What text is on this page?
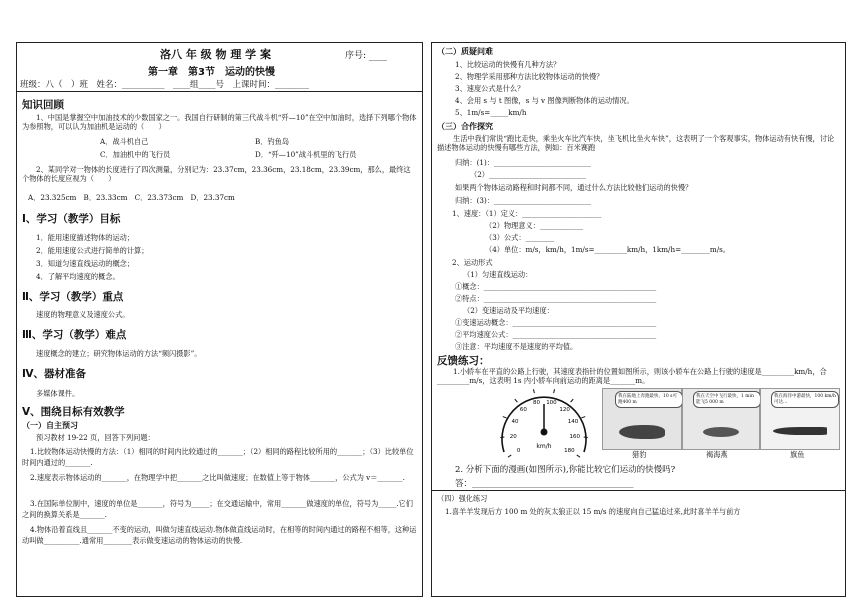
洛八 年 级 物 理 学 案	序号: ____
第一章　第3节　运动的快慢
班级：八（　）班　姓名：__________　____组____号　上课时间：________
知识回顾
1、中国是掌握空中加油技术的少数国家之一。我国自行研制的第三代战斗机“歼—10”在空中加油时，选择下列哪个物体为参照物，可以认为加油机是运动的（　　）
A．战斗机自己	B．钓鱼岛
C．加油机中的飞行员	D．“歼—10”战斗机里的飞行员
2、某同学对一物体的长度进行了四次测量，分别记为：23.37cm，23.36cm，23.18cm，23.39cm，那么，最终这个物体的长度应视为（　　）
A．23.325cm　B．23.33cm　C．23.373cm　D．23.37cm
Ⅰ、学习（教学）目标
1．能用速度描述物体的运动；
2．能用速度公式进行简单的计算；
3．知道匀速直线运动的概念；
4．了解平均速度的概念。
Ⅱ、学习（教学）重点
速度的物理意义及速度公式。
Ⅲ、学习（教学）难点
速度概念的建立；研究物体运动的方法“频闪摄影”。
Ⅳ、器材准备
多媒体课件。
Ⅴ、围绕目标有效教学
（一）自主预习
预习教材 19-22 页，回答下列问题：
1.比较物体运动快慢的方法：（1）相同的时间内比较通过的_______；（2）相同的路程比较所用的_______；（3）比较单位时间内通过的_______.
2.速度表示物体运动的_______，在物理学中把_______之比叫做速度；在数值上等于物体_______，公式为 v＝_______.
3.在国际单位制中，速度的单位是_______，符号为_____；在交通运输中，常用_______做速度的单位，符号为_____.它们之间的换算关系是_______.
4.物体沿着直线且_______不变的运动，叫做匀速直线运动.物体做直线运动时，在相等的时间内通过的路程不相等，这种运动叫做__________.通常用________表示做变速运动的物体运动的快慢.
（二）质疑问难
1、比较运动的快慢有几种方法？
2、物理学采用那种方法比较物体运动的快慢？
3、速度公式是什么？
4、会用 s 与 t 图像，s 与 v 图像判断物体的运动情况。
5、1m/s=_____km/h
（三）合作探究
生活中我们常说“跑比走快，乘坐火车比汽车快，坐飞机比坐火车快”，这表明了一个客观事实，物体运动有快有慢，讨论描述物体运动的快慢有哪些方法，例如：百米赛跑
归纳：(1)：___________________________
（2）___________________________
如果两个物体运动路程和时间都不同，通过什么方法比较他们运动的快慢？
归纳：(3)：___________________________
1、速度：（1）定义：______________________
（2）物理意义：____________
（3）公式：________
（4）单位：m/s，km/h，1m/s=_________km/h，1km/h=________m/s。
2、运动形式
（1）匀速直线运动：
①概念：________________________________________________
②特点：________________________________________________
（2）变速运动及平均速度：
①变速运动概念：________________________________________
②平均速度公式：________________________________________
③注意：平均速度不是速度的平均值。
反馈练习：
1.小轿车在平直的公路上行驶，其速度表指针的位置如图所示，则该小轿车在公路上行驶的速度是_________km/h，合_________m/s，这表明 1s 内小轿车向前运动的距离是_______m。
0
20
40
60
80 100
120
140
160
180
km/h
我在陆地上奔跑最快，10 s可跑400 m
我在天空中飞行最快，1 min能飞5 000 m
我在海洋中游最快，100 km/h可达…
猎豹	褐海燕	旗鱼
2. 分析下面的漫画(如图所示),你能比较它们运动的快慢吗?
答：______________________________________
（四）强化练习
1.喜羊羊发现后方 100 m 处的灰太狼正以 15 m/s 的速度向自己猛追过来,此时喜羊羊与前方
